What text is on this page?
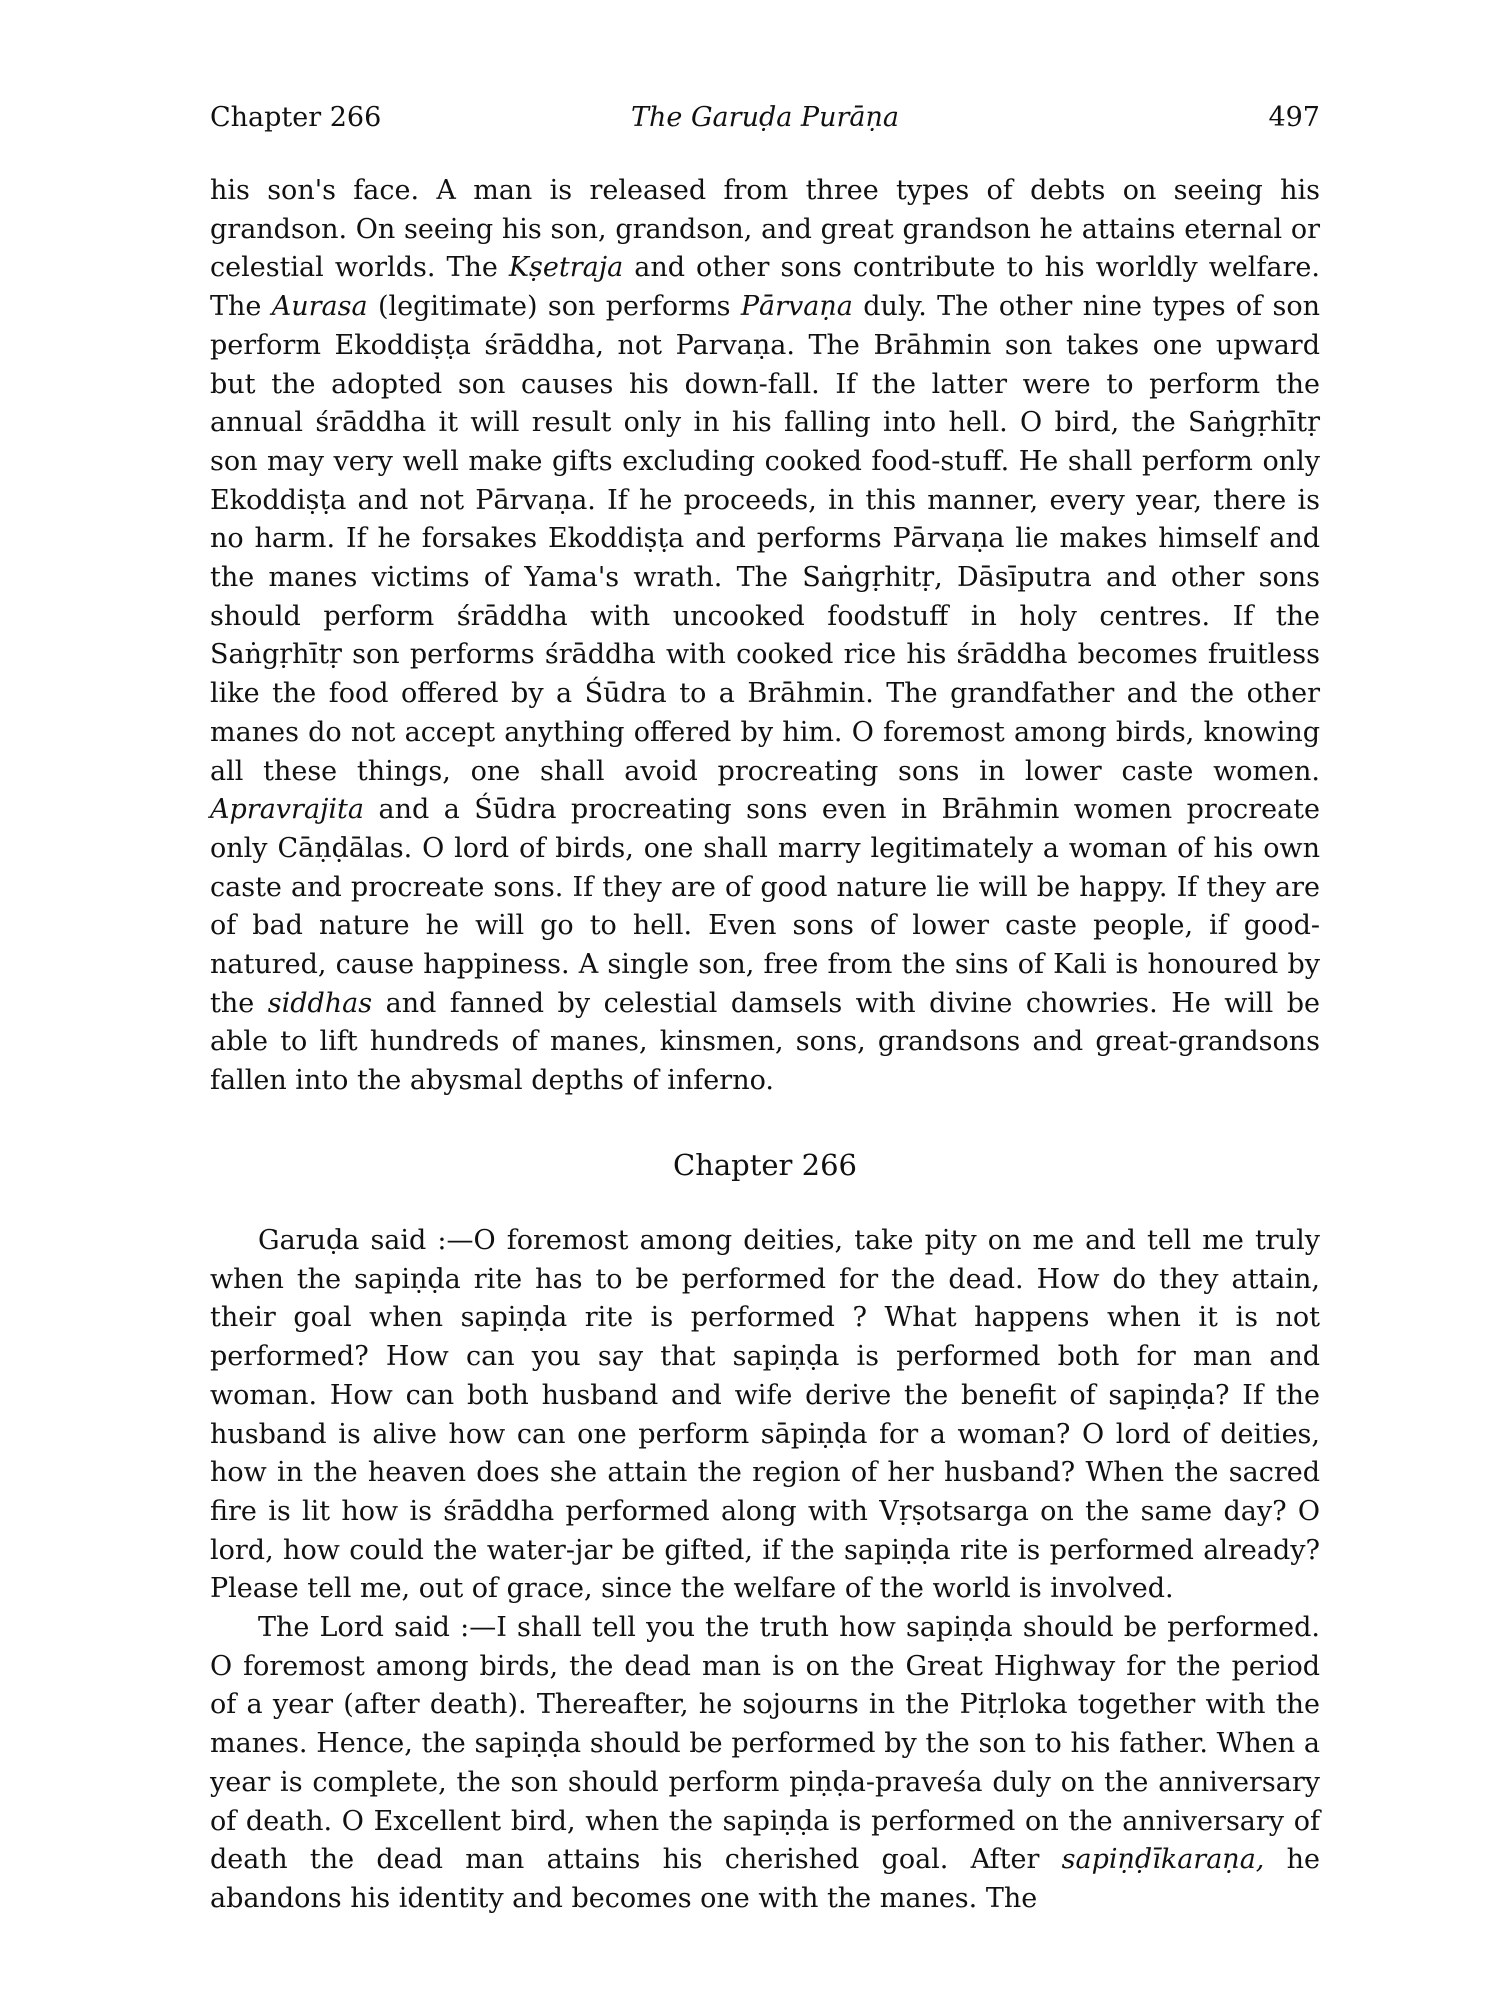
Chapter 266	The Garuḍa Purāṇa	497

his son's face. A man is released from three types of debts on seeing his grandson. On seeing his son, grandson, and great grandson he attains eternal or celestial worlds. The Kṣetraja and other sons contribute to his worldly welfare. The Aurasa (legitimate) son performs Pārvaṇa duly. The other nine types of son perform Ekoddiṣṭa śrāddha, not Parvaṇa. The Brāhmin son takes one upward but the adopted son causes his down-fall. If the latter were to perform the annual śrāddha it will result only in his falling into hell. O bird, the Saṅgṛhītṛ son may very well make gifts excluding cooked food-stuff. He shall perform only Ekoddiṣṭa and not Pārvaṇa. If he proceeds, in this manner, every year, there is no harm. If he forsakes Ekoddiṣṭa and performs Pārvaṇa lie makes himself and the manes victims of Yama's wrath. The Saṅgṛhitṛ, Dāsīputra and other sons should perform śrāddha with uncooked foodstuff in holy centres. If the Saṅgṛhītṛ son performs śrāddha with cooked rice his śrāddha becomes fruitless like the food offered by a Śūdra to a Brāhmin. The grandfather and the other manes do not accept anything offered by him. O foremost among birds, knowing all these things, one shall avoid procreating sons in lower caste women. Apravrajita and a Śūdra procreating sons even in Brāhmin women procreate only Cāṇḍālas. O lord of birds, one shall marry legitimately a woman of his own caste and procreate sons. If they are of good nature lie will be happy. If they are of bad nature he will go to hell. Even sons of lower caste people, if good-natured, cause happiness. A single son, free from the sins of Kali is honoured by the siddhas and fanned by celestial damsels with divine chowries. He will be able to lift hundreds of manes, kinsmen, sons, grandsons and great-grandsons fallen into the abysmal depths of inferno.

Chapter 266

Garuḍa said :—O foremost among deities, take pity on me and tell me truly when the sapiṇḍa rite has to be performed for the dead. How do they attain, their goal when sapiṇḍa rite is performed ? What happens when it is not performed? How can you say that sapiṇḍa is performed both for man and woman. How can both husband and wife derive the benefit of sapiṇḍa? If the husband is alive how can one perform sāpiṇḍa for a woman? O lord of deities, how in the heaven does she attain the region of her husband? When the sacred fire is lit how is śrāddha performed along with Vṛṣotsarga on the same day? O lord, how could the water-jar be gifted, if the sapiṇḍa rite is performed already? Please tell me, out of grace, since the welfare of the world is involved.

The Lord said :—I shall tell you the truth how sapiṇḍa should be performed. O foremost among birds, the dead man is on the Great Highway for the period of a year (after death). Thereafter, he sojourns in the Pitṛloka together with the manes. Hence, the sapiṇḍa should be performed by the son to his father. When a year is complete, the son should perform piṇḍa-praveśa duly on the anniversary of death. O Excellent bird, when the sapiṇḍa is performed on the anniversary of death the dead man attains his cherished goal. After sapiṇḍīkaraṇa, he abandons his identity and becomes one with the manes. The
